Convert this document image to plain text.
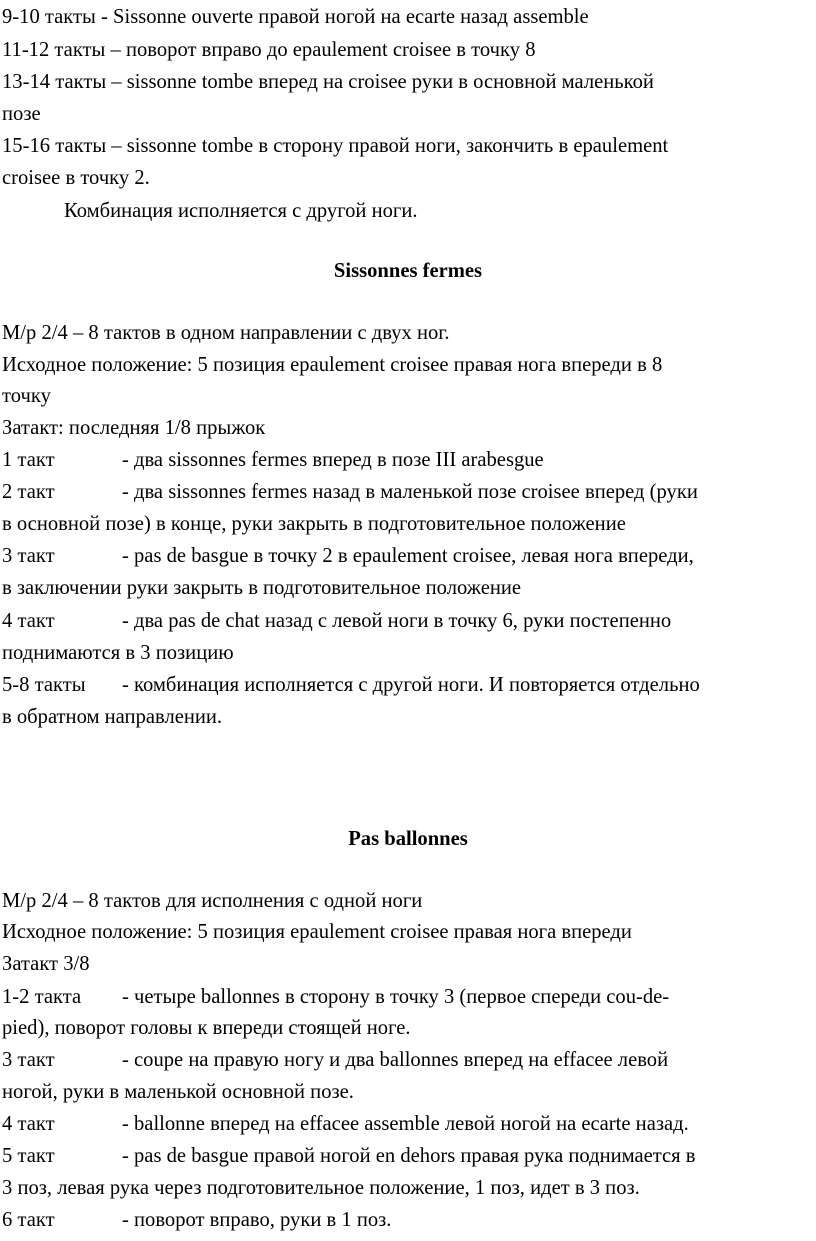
9-10 такты - Sissonne ouverte правой ногой на ecarte назад assemble
11-12 такты – поворот вправо до epaulement croisee в точку 8
13-14 такты – sissonne tombe вперед на croisee руки в основной маленькой
позе
15-16 такты – sissonne tombe в сторону правой ноги, закончить в epaulement
croisee в точку 2.
Комбинация исполняется с другой ноги.
Sissonnes fermes
М/р 2/4 – 8 тактов в одном направлении с двух ног.
Исходное положение: 5 позиция epaulement croisee правая нога впереди в 8
точку
Затакт: последняя 1/8 прыжок
1 такт	- два sissonnes fermes вперед в позе III arabesgue
2 такт	- два sissonnes fermes назад в маленькой позе croisee вперед (руки
в основной позе) в конце, руки закрыть в подготовительное положение
3 такт	- pas de basgue в точку 2 в epaulement croisee, левая нога впереди,
в заключении руки закрыть в подготовительное положение
4 такт	- два pas de chat назад с левой ноги в точку 6, руки постепенно
поднимаются в 3 позицию
5-8 такты - комбинация исполняется с другой ноги. И повторяется отдельно
в обратном направлении.
Pas ballonnes
М/р 2/4 – 8 тактов для исполнения с одной ноги
Исходное положение: 5 позиция epaulement croisee правая нога впереди
Затакт 3/8
1-2 такта - четыре ballonnes в сторону в точку 3 (первое спереди cou-de-
pied), поворот головы к впереди стоящей ноге.
3 такт	- coupe на правую ногу и два ballonnes вперед на effacee левой
ногой, руки в маленькой основной позе.
4 такт	- ballonne вперед на effacee assemble левой ногой на ecarte назад.
5 такт	- pas de basgue правой ногой en dehors правая рука поднимается в
3 поз, левая рука через подготовительное положение, 1 поз, идет в 3 поз.
6 такт	- поворот вправо, руки в 1 поз.
